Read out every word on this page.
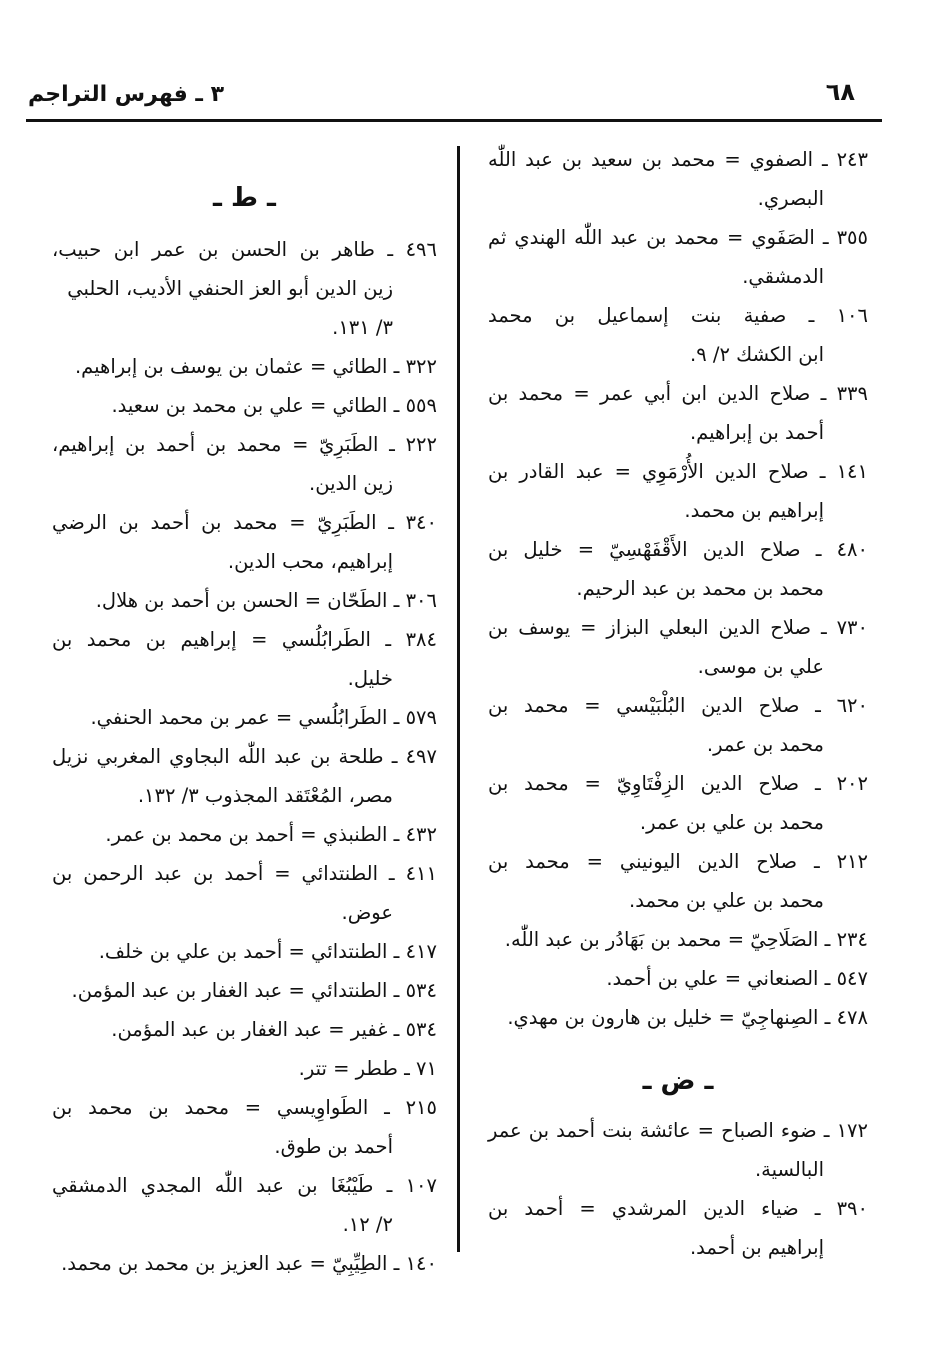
٦٨
٣ ـ فهرس التراجم

٢٤٣ ـ الصفوي = محمد بن سعيد بن عبد اللّٰه
البصري.

٣٥٥ ـ الصَفَوي = محمد بن عبد اللّٰه الهندي ثم
الدمشقي.

١٠٦ ـ صفية بنت إسماعيل بن محمد
ابن الكشك ٢/ ٩.

٣٣٩ ـ صلاح الدين ابن أبي عمر = محمد بن
أحمد بن إبراهيم.

١٤١ ـ صلاح الدين الأُرْمَوِي = عبد القادر بن
إبراهيم بن محمد.

٤٨٠ ـ صلاح الدين الأَقْفَهْسِيّ = خليل بن
محمد بن محمد بن عبد الرحيم.

٧٣٠ ـ صلاح الدين البعلي البزاز = يوسف بن
علي بن موسى.

٦٢٠ ـ صلاح الدين البُلْبَيْسي = محمد بن
محمد بن عمر.

٢٠٢ ـ صلاح الدين الزِفْتَاوِيّ = محمد بن
محمد بن علي بن عمر.

٢١٢ ـ صلاح الدين اليونيني = محمد بن
محمد بن علي بن محمد.

٢٣٤ ـ الصَلَاحِيّ = محمد بن بَهَادُر بن عبد اللّٰه.

٥٤٧ ـ الصنعاني = علي بن أحمد.

٤٧٨ ـ الصِنهاجِيّ = خليل بن هارون بن مهدي.

ـ ض ـ

١٧٢ ـ ضوء الصباح = عائشة بنت أحمد بن عمر
البالسية.

٣٩٠ ـ ضياء الدين المرشدي = أحمد بن
إبراهيم بن أحمد.

ـ ط ـ

٤٩٦ ـ طاهر بن الحسن بن عمر ابن حبيب،
زين الدين أبو العز الحنفي الأديب، الحلبي ٣/ ١٣١.

٣٢٢ ـ الطائي = عثمان بن يوسف بن إبراهيم.

٥٥٩ ـ الطائي = علي بن محمد بن سعيد.

٢٢٢ ـ الطَبَرِيّ = محمد بن أحمد بن إبراهيم،
زين الدين.

٣٤٠ ـ الطَبَرِيّ = محمد بن أحمد بن الرضي
إبراهيم، محب الدين.

٣٠٦ ـ الطَحّان = الحسن بن أحمد بن هلال.

٣٨٤ ـ الطَرابُلُسي = إبراهيم بن محمد بن
خليل.

٥٧٩ ـ الطَرابُلُسي = عمر بن محمد الحنفي.

٤٩٧ ـ طلحة بن عبد اللّٰه البجاوي المغربي نزيل
مصر، المُعْتَقد المجذوب ٣/ ١٣٢.

٤٣٢ ـ الطنبذي = أحمد بن محمد بن عمر.

٤١١ ـ الطنتدائي = أحمد بن عبد الرحمن بن
عوض.

٤١٧ ـ الطنتدائي = أحمد بن علي بن خلف.

٥٣٤ ـ الطنتدائي = عبد الغفار بن عبد المؤمن.

٥٣٤ ـ غفير = عبد الغفار بن عبد المؤمن.

٧١ ـ ططر = تتر.

٢١٥ ـ الطَواوِيسي = محمد بن محمد بن
أحمد بن طوق.

١٠٧ ـ طَيْبُغَا بن عبد اللّٰه المجدي الدمشقي
٢/ ١٢.

١٤٠ ـ الطِيِّبِيّ = عبد العزيز بن محمد بن محمد.
